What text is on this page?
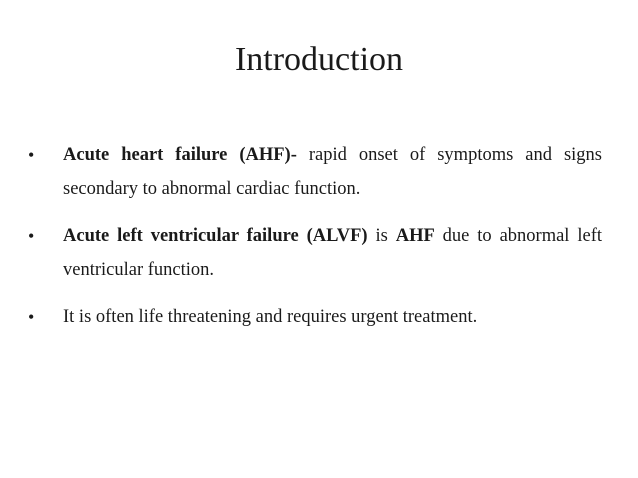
Introduction
• Acute heart failure (AHF)- rapid onset of symptoms and signs secondary to abnormal cardiac function.
• Acute left ventricular failure (ALVF) is AHF due to abnormal left ventricular function.
• It is often life threatening and requires urgent treatment.
